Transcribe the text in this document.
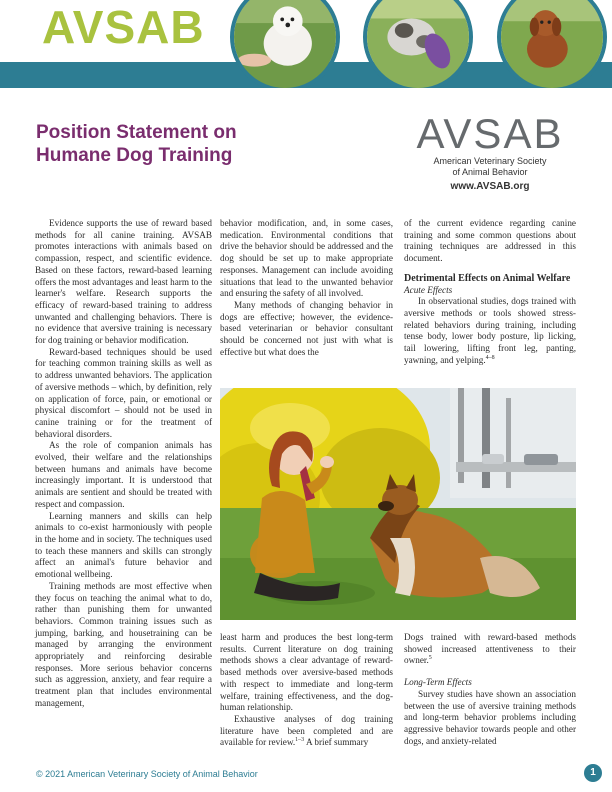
AVSAB
Position Statement on
Humane Dog Training	AVSAB
American Veterinary Society
of Animal Behavior
www.AVSAB.org

Evidence supports the use of reward based methods for all canine training. AVSAB promotes interactions with animals based on compassion, respect, and scientific evidence. Based on these factors, reward-based learning offers the most advantages and least harm to the learner's welfare. Research supports the efficacy of reward-based training to address unwanted and challenging behaviors. There is no evidence that aversive training is necessary for dog training or behavior modification.

Reward-based techniques should be used for teaching common training skills as well as to address unwanted behaviors. The application of aversive methods – which, by definition, rely on application of force, pain, or emotional or physical discomfort – should not be used in canine training or for the treatment of behavioral disorders.

As the role of companion animals has evolved, their welfare and the relationships between humans and animals have become increasingly important. It is understood that animals are sentient and should be treated with respect and compassion.

Learning manners and skills can help animals to co-exist harmoniously with people in the home and in society. The techniques used to teach these manners and skills can strongly affect an animal's future behavior and emotional wellbeing.

Training methods are most effective when they focus on teaching the animal what to do, rather than punishing them for unwanted behaviors. Common training issues such as jumping, barking, and housetraining can be managed by arranging the environment appropriately and reinforcing desirable responses. More serious behavior concerns such as aggression, anxiety, and fear require a treatment plan that includes environmental management,

behavior modification, and, in some cases, medication. Environmental conditions that drive the behavior should be addressed and the dog should be set up to make appropriate responses. Management can include avoiding situations that lead to the unwanted behavior and ensuring the safety of all involved.

Many methods of changing behavior in dogs are effective; however, the evidence-based veterinarian or behavior consultant should be concerned not just with what is effective but what does the

of the current evidence regarding canine training and some common questions about training techniques are addressed in this document.

Detrimental Effects on Animal Welfare

Acute Effects

In observational studies, dogs trained with aversive methods or tools showed stress-related behaviors during training, including tense body, lower body posture, lip licking, tail lowering, lifting front leg, panting, yawning, and yelping.$^{4-8}$

least harm and produces the best long-term results. Current literature on dog training methods shows a clear advantage of reward-based methods over aversive-based methods with respect to immediate and long-term welfare, training effectiveness, and the dog-human relationship.

Exhaustive analyses of dog training literature have been completed and are available for review.$^{1-3}$ A brief summary

Dogs trained with reward-based methods showed increased attentiveness to their owner.$^5$

Long-Term Effects

Survey studies have shown an association between the use of aversive training methods and long-term behavior problems including aggressive behavior towards people and other dogs, and anxiety-related

© 2021 American Veterinary Society of Animal Behavior	1
